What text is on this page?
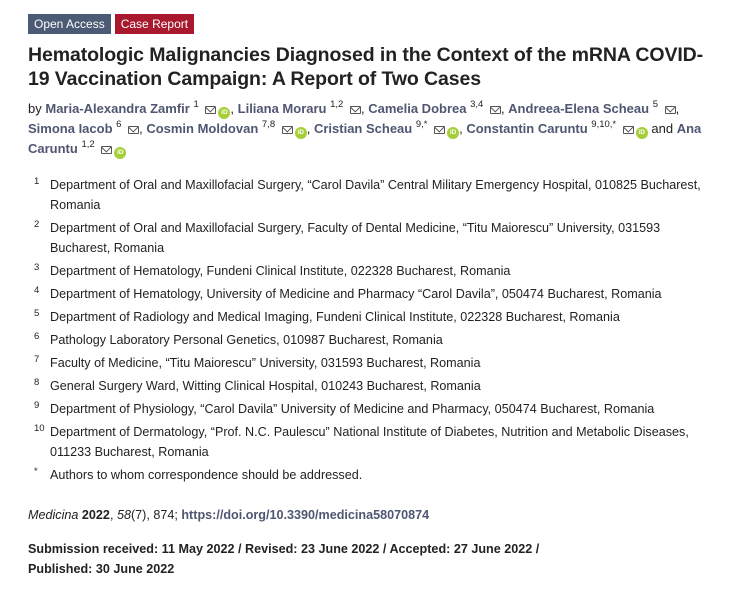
Open Access	Case Report
Hematologic Malignancies Diagnosed in the Context of the mRNA COVID-19 Vaccination Campaign: A Report of Two Cases
by Maria-Alexandra Zamfir $^1$ iD , Liliana Moraru $^{1,2}$ , Camelia Dobrea $^{3,4}$ , Andreea-Elena Scheau $^5$ , Simona Iacob $^6$ , Cosmin Moldovan $^{7,8}$ iD , Cristian Scheau $^{9,*}$ iD , Constantin Caruntu $^{9,10,*}$ iD and Ana Caruntu $^{1,2}$ iD
1 Department of Oral and Maxillofacial Surgery, “Carol Davila” Central Military Emergency Hospital, 010825 Bucharest, Romania
2 Department of Oral and Maxillofacial Surgery, Faculty of Dental Medicine, “Titu Maiorescu” University, 031593 Bucharest, Romania
3 Department of Hematology, Fundeni Clinical Institute, 022328 Bucharest, Romania
4 Department of Hematology, University of Medicine and Pharmacy “Carol Davila”, 050474 Bucharest, Romania
5 Department of Radiology and Medical Imaging, Fundeni Clinical Institute, 022328 Bucharest, Romania
6 Pathology Laboratory Personal Genetics, 010987 Bucharest, Romania
7 Faculty of Medicine, “Titu Maiorescu” University, 031593 Bucharest, Romania
8 General Surgery Ward, Witting Clinical Hospital, 010243 Bucharest, Romania
9 Department of Physiology, “Carol Davila” University of Medicine and Pharmacy, 050474 Bucharest, Romania
10 Department of Dermatology, “Prof. N.C. Paulescu” National Institute of Diabetes, Nutrition and Metabolic Diseases, 011233 Bucharest, Romania
* Authors to whom correspondence should be addressed.
Medicina 2022, 58(7), 874; https://doi.org/10.3390/medicina58070874
Submission received: 11 May 2022 / Revised: 23 June 2022 / Accepted: 27 June 2022 / Published: 30 June 2022
